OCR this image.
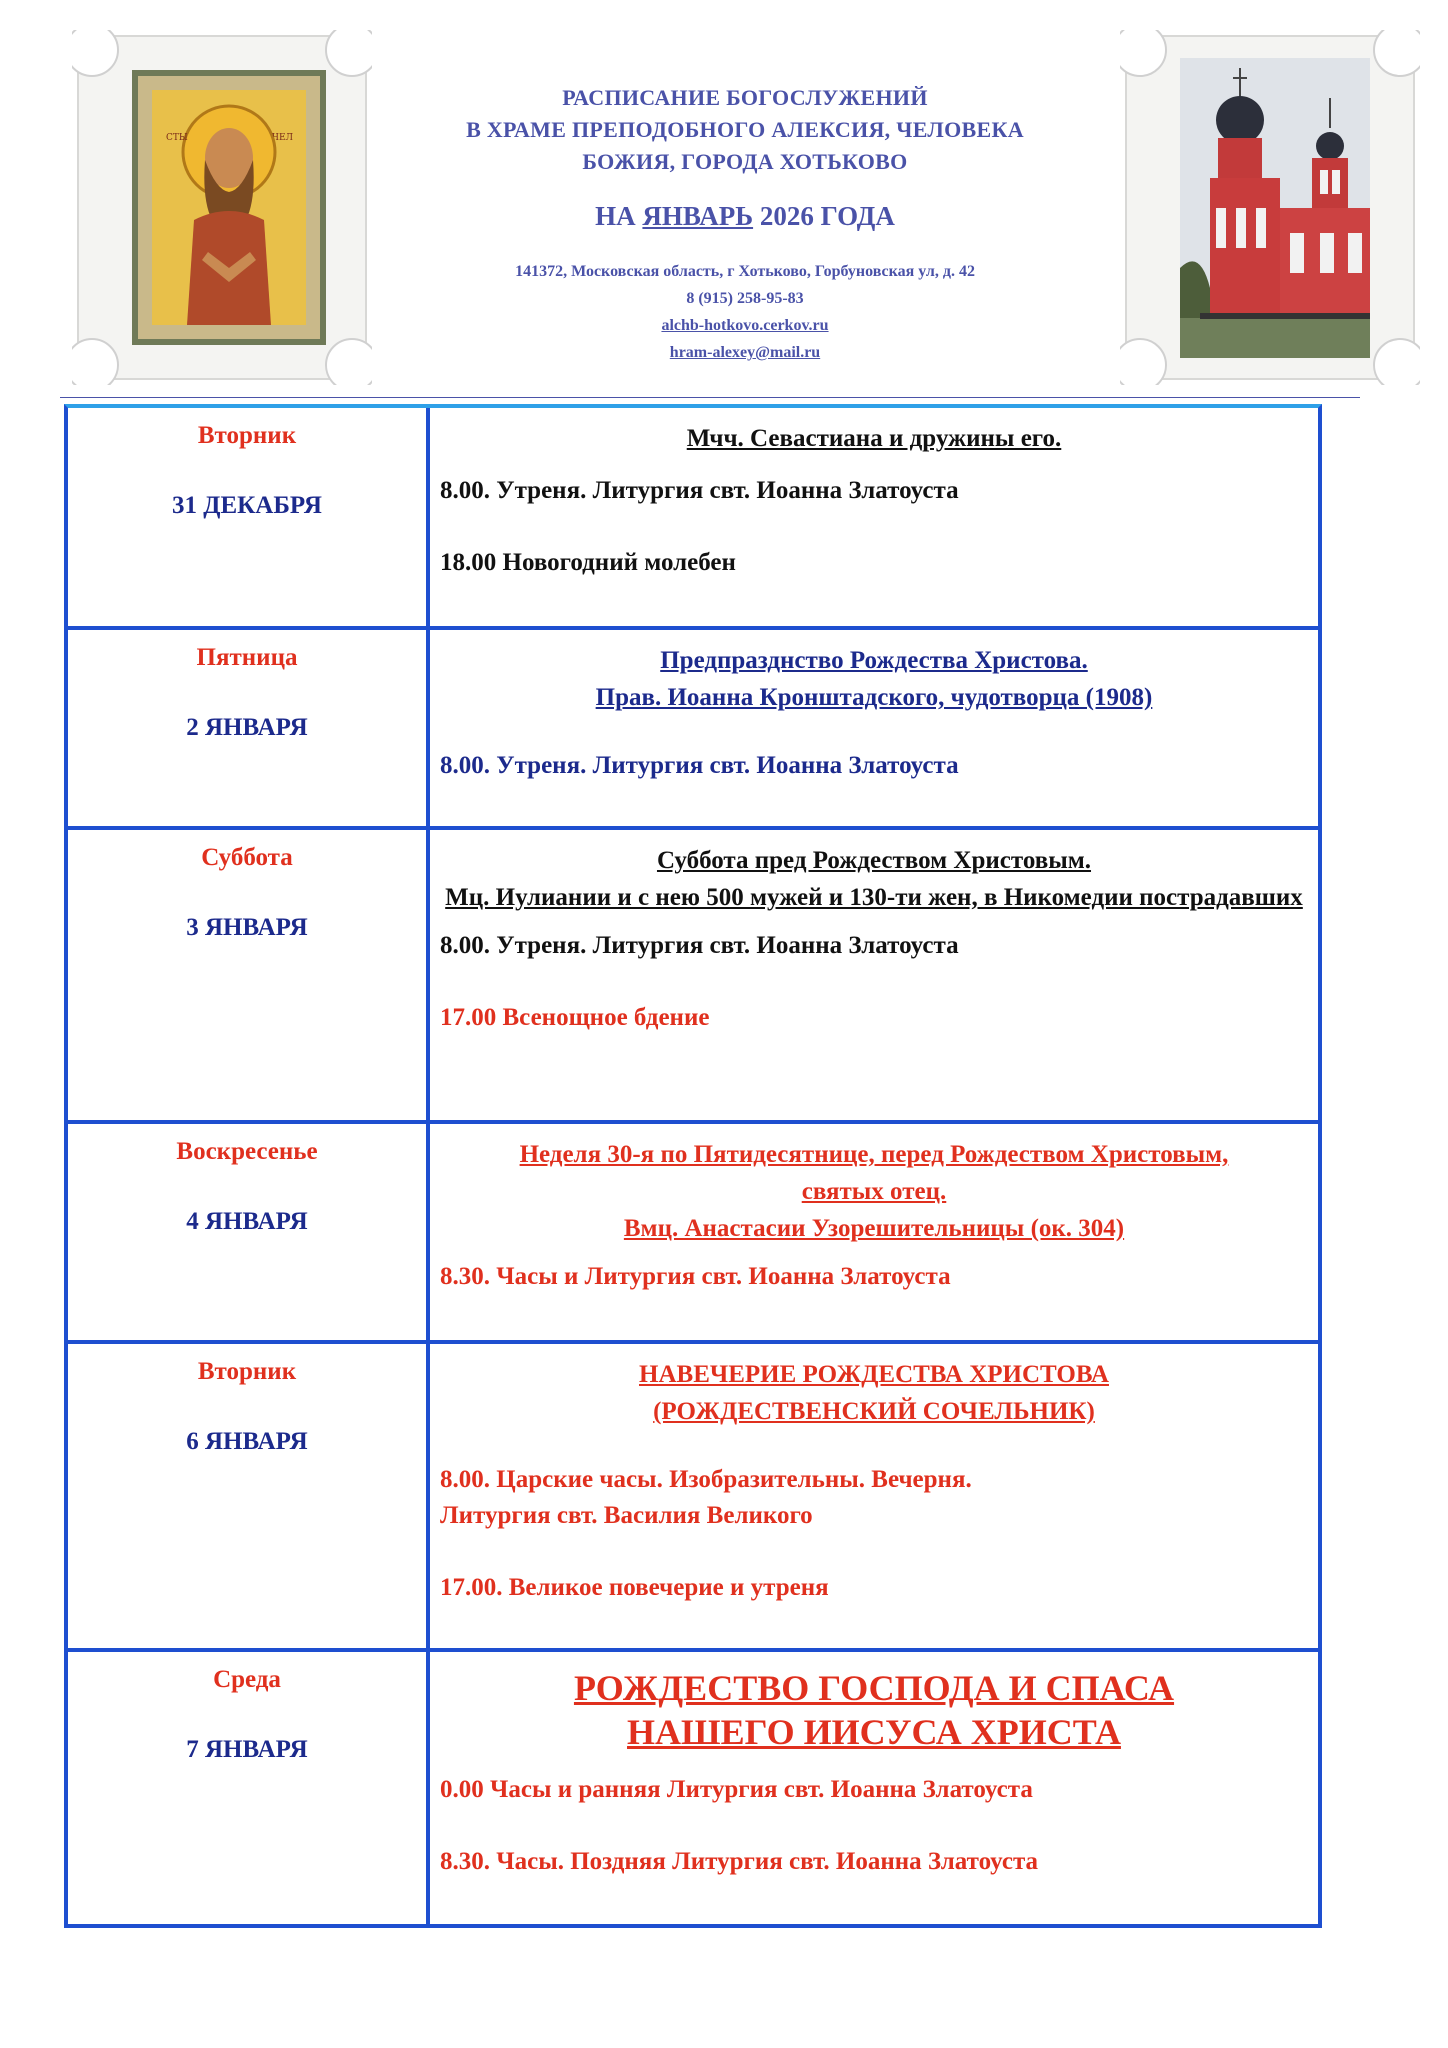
СТЫ	ЧЕЛ
РАСПИСАНИЕ БОГОСЛУЖЕНИЙ
В ХРАМЕ ПРЕПОДОБНОГО АЛЕКСИЯ, ЧЕЛОВЕКА
БОЖИЯ, ГОРОДА ХОТЬКОВО
НА ЯНВАРЬ 2026 ГОДА
141372, Московская область, г Хотьково, Горбуновская ул, д. 42
8 (915) 258-95-83
alchb-hotkovo.cerkov.ru
hram-alexey@mail.ru
Вторник
31 ДЕКАБРЯ
Мчч. Севастиана и дружины его.
8.00. Утреня. Литургия свт. Иоанна Златоуста
18.00 Новогодний молебен
Пятница
2 ЯНВАРЯ
Предпразднство Рождества Христова.
Прав. Иоанна Кронштадского, чудотворца (1908)
8.00. Утреня. Литургия свт. Иоанна Златоуста
Суббота
3 ЯНВАРЯ
Суббота пред Рождеством Христовым.
Мц. Иулиании и с нею 500 мужей и 130-ти жен, в Никомедии пострадавших
8.00. Утреня. Литургия свт. Иоанна Златоуста
17.00 Всенощное бдение
Воскресенье
4 ЯНВАРЯ
Неделя 30-я по Пятидесятнице, перед Рождеством Христовым, святых отец.
Вмц. Анастасии Узорешительницы (ок. 304)
8.30. Часы и Литургия свт. Иоанна Златоуста
Вторник
6 ЯНВАРЯ
НАВЕЧЕРИЕ РОЖДЕСТВА ХРИСТОВА
(РОЖДЕСТВЕНСКИЙ СОЧЕЛЬНИК)
8.00. Царские часы. Изобразительны. Вечерня.
Литургия свт. Василия Великого
17.00. Великое повечерие и утреня
Среда
7 ЯНВАРЯ
РОЖДЕСТВО ГОСПОДА И СПАСА
НАШЕГО ИИСУСА ХРИСТА
0.00 Часы и ранняя Литургия свт. Иоанна Златоуста
8.30. Часы. Поздняя Литургия свт. Иоанна Златоуста
